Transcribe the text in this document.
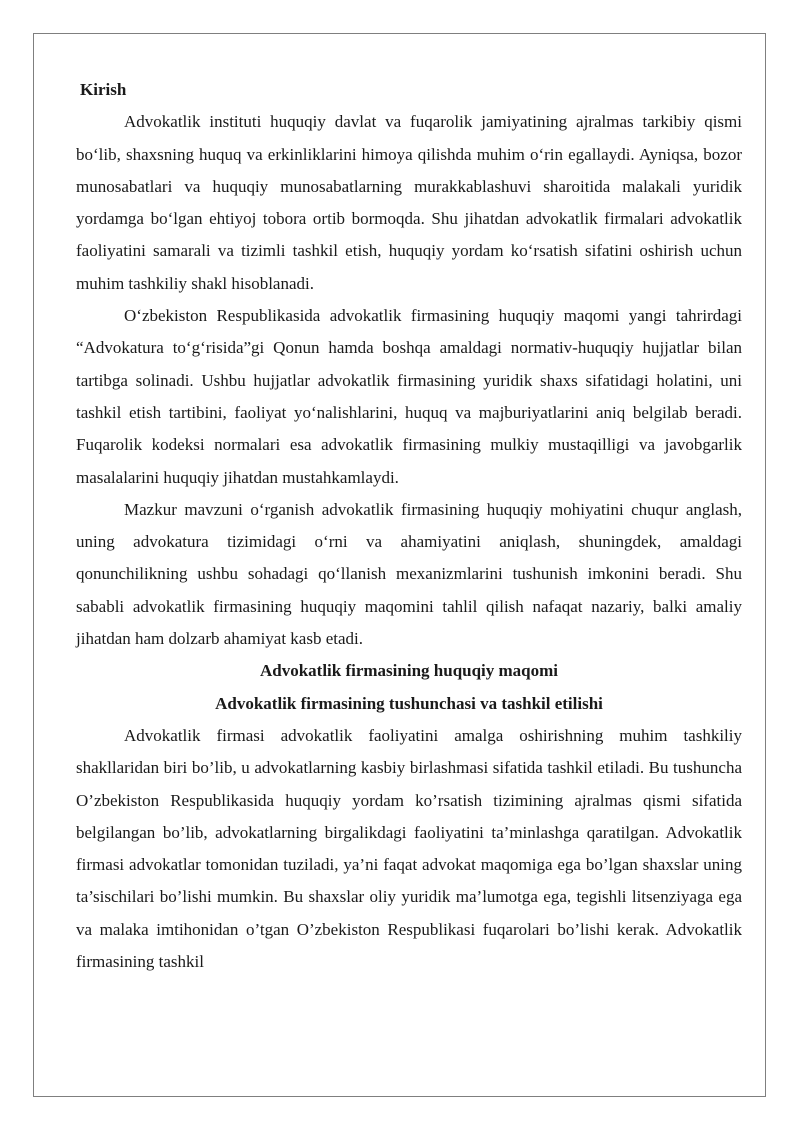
Kirish

Advokatlik instituti huquqiy davlat va fuqarolik jamiyatining ajralmas tarkibiy qismi bo‘lib, shaxsning huquq va erkinliklarini himoya qilishda muhim o‘rin egallaydi. Ayniqsa, bozor munosabatlari va huquqiy munosabatlarning murakkablashuvi sharoitida malakali yuridik yordamga bo‘lgan ehtiyoj tobora ortib bormoqda. Shu jihatdan advokatlik firmalari advokatlik faoliyatini samarali va tizimli tashkil etish, huquqiy yordam ko‘rsatish sifatini oshirish uchun muhim tashkiliy shakl hisoblanadi.

O‘zbekiston Respublikasida advokatlik firmasining huquqiy maqomi yangi tahrirdagi “Advokatura to‘g‘risida”gi Qonun hamda boshqa amaldagi normativ-huquqiy hujjatlar bilan tartibga solinadi. Ushbu hujjatlar advokatlik firmasining yuridik shaxs sifatidagi holatini, uni tashkil etish tartibini, faoliyat yo‘nalishlarini, huquq va majburiyatlarini aniq belgilab beradi. Fuqarolik kodeksi normalari esa advokatlik firmasining mulkiy mustaqilligi va javobgarlik masalalarini huquqiy jihatdan mustahkamlaydi.

Mazkur mavzuni o‘rganish advokatlik firmasining huquqiy mohiyatini chuqur anglash, uning advokatura tizimidagi o‘rni va ahamiyatini aniqlash, shuningdek, amaldagi qonunchilikning ushbu sohadagi qo‘llanish mexanizmlarini tushunish imkonini beradi. Shu sababli advokatlik firmasining huquqiy maqomini tahlil qilish nafaqat nazariy, balki amaliy jihatdan ham dolzarb ahamiyat kasb etadi.

Advokatlik firmasining huquqiy maqomi

Advokatlik firmasining tushunchasi va tashkil etilishi

Advokatlik firmasi advokatlik faoliyatini amalga oshirishning muhim tashkiliy shakllaridan biri bo’lib, u advokatlarning kasbiy birlashmasi sifatida tashkil etiladi. Bu tushuncha O’zbekiston Respublikasida huquqiy yordam ko’rsatish tizimining ajralmas qismi sifatida belgilangan bo’lib, advokatlarning birgalikdagi faoliyatini ta’minlashga qaratilgan. Advokatlik firmasi advokatlar tomonidan tuziladi, ya’ni faqat advokat maqomiga ega bo’lgan shaxslar uning ta’sischilari bo’lishi mumkin. Bu shaxslar oliy yuridik ma’lumotga ega, tegishli litsenziyaga ega va malaka imtihonidan o’tgan O’zbekiston Respublikasi fuqarolari bo’lishi kerak. Advokatlik firmasining tashkil
